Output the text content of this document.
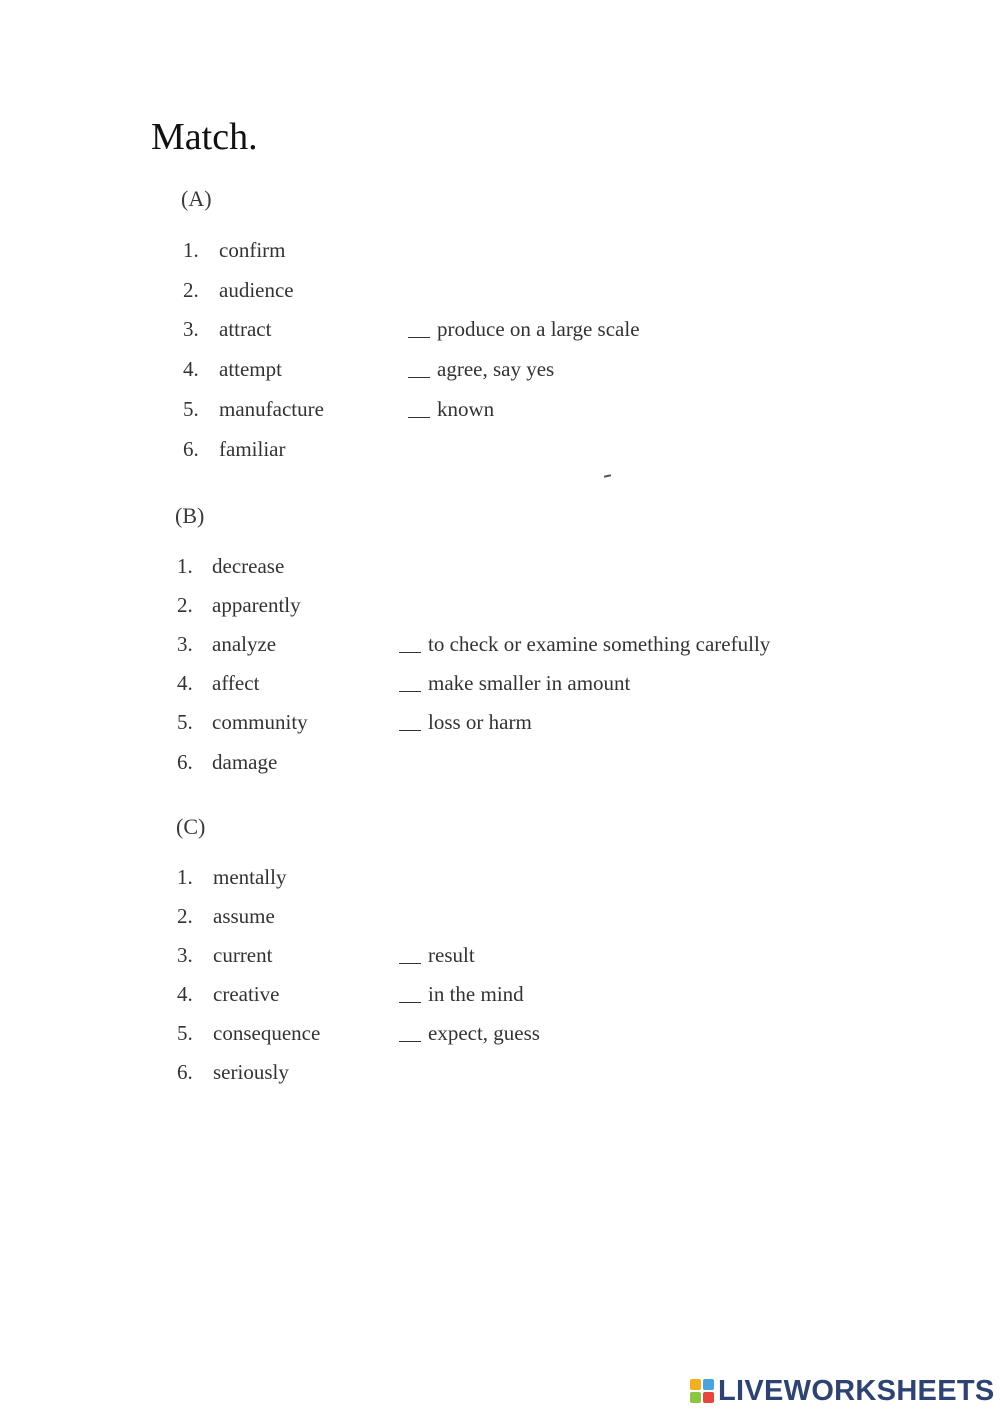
Match.
(A)
1. confirm
2. audience
3. attract
4. attempt
5. manufacture
6. familiar
produce on a large scale
agree, say yes
known
(B)
1. decrease
2. apparently
3. analyze
4. affect
5. community
6. damage
to check or examine something carefully
make smaller in amount
loss or harm
(C)
1. mentally
2. assume
3. current
4. creative
5. consequence
6. seriously
result
in the mind
expect, guess
LIVEWORKSHEETS
